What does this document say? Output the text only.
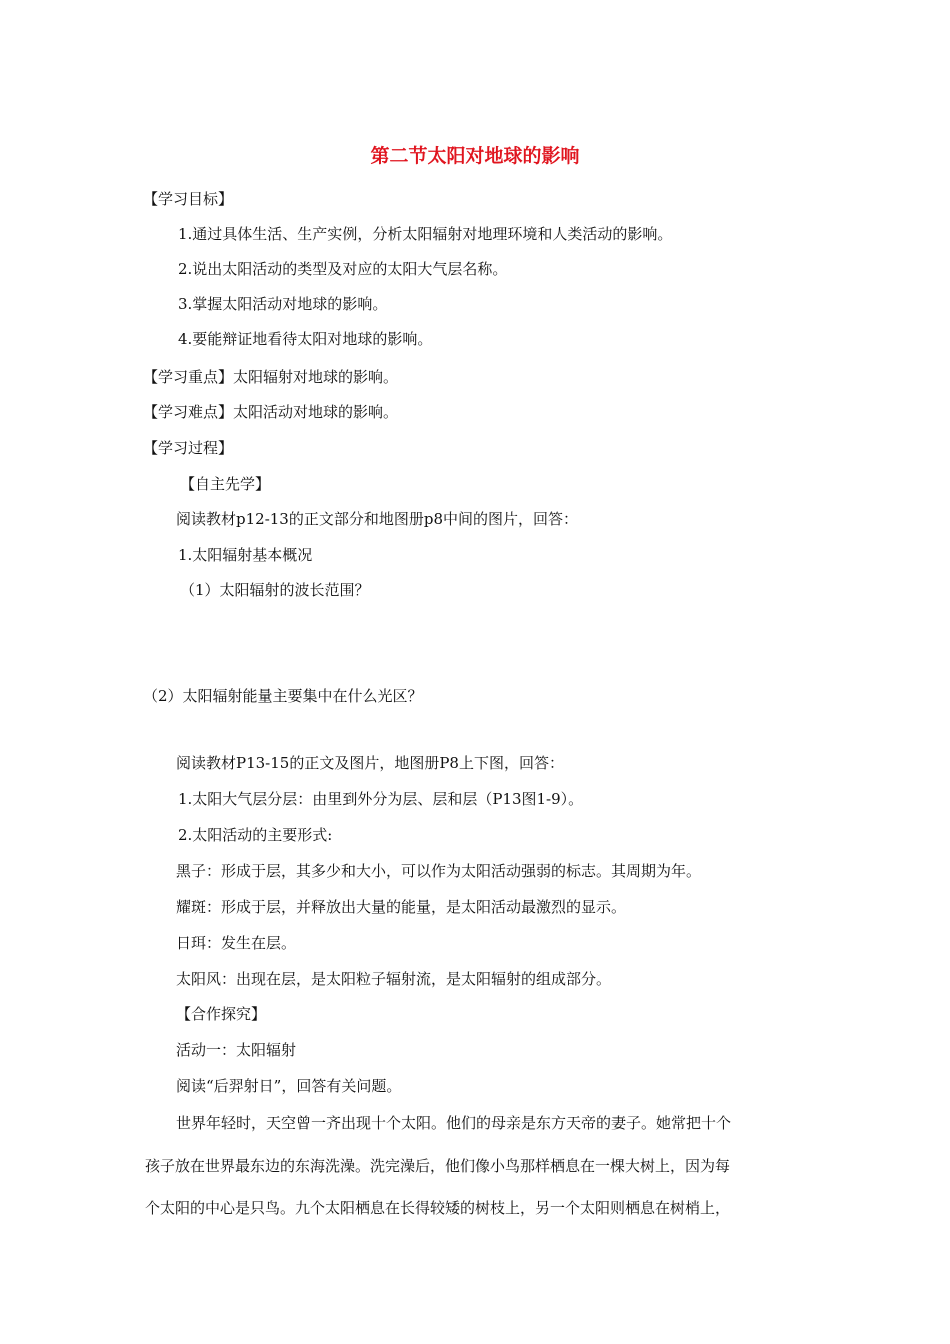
第二节太阳对地球的影响
【学习目标】
1.通过具体生活、生产实例，分析太阳辐射对地理环境和人类活动的影响。
2.说出太阳活动的类型及对应的太阳大气层名称。
3.掌握太阳活动对地球的影响。
4.要能辩证地看待太阳对地球的影响。
【学习重点】太阳辐射对地球的影响。
【学习难点】太阳活动对地球的影响。
【学习过程】
【自主先学】
阅读教材p12-13的正文部分和地图册p8中间的图片，回答：
1.太阳辐射基本概况
（1）太阳辐射的波长范围？
（2）太阳辐射能量主要集中在什么光区？
阅读教材P13-15的正文及图片，地图册P8上下图，回答：
1.太阳大气层分层：由里到外分为层、层和层（P13图1-9）。
2.太阳活动的主要形式:
黑子：形成于层，其多少和大小，可以作为太阳活动强弱的标志。其周期为年。
耀斑：形成于层，并释放出大量的能量，是太阳活动最激烈的显示。
日珥：发生在层。
太阳风：出现在层，是太阳粒子辐射流，是太阳辐射的组成部分。
【合作探究】
活动一：太阳辐射
阅读“后羿射日”，回答有关问题。
世界年轻时，天空曾一齐出现十个太阳。他们的母亲是东方天帝的妻子。她常把十个
孩子放在世界最东边的东海洗澡。洗完澡后，他们像小鸟那样栖息在一棵大树上，因为每
个太阳的中心是只鸟。九个太阳栖息在长得较矮的树枝上，另一个太阳则栖息在树梢上，
